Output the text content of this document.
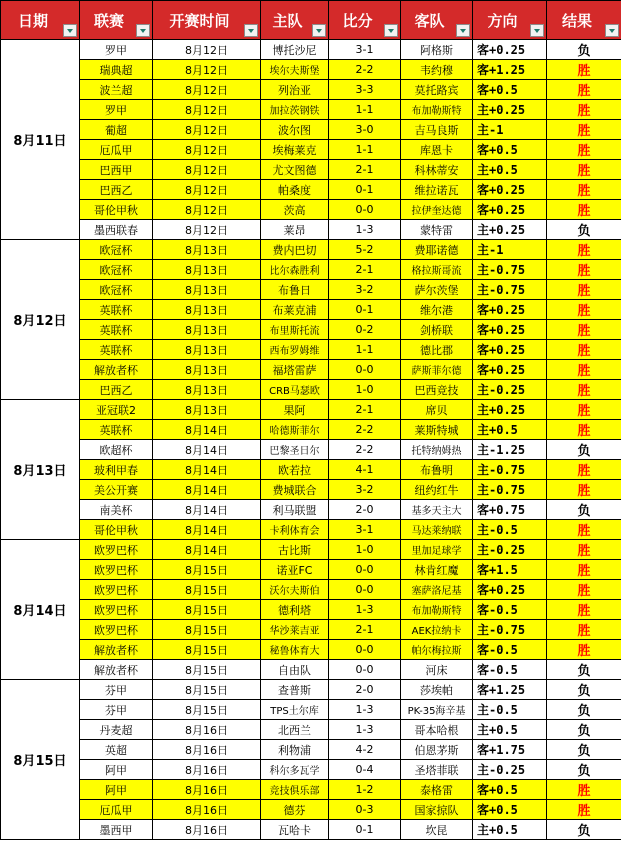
日期	联赛	开赛时间	主队	比分	客队	方向	结果

8月11日	罗甲	8月12日	博托沙尼	3-1	阿格斯	客+0.25	负
	瑞典超	8月12日	埃尔夫斯堡	2-2	韦约穆	客+1.25	胜
	波兰超	8月12日	列治亚	3-3	莫托路宾	客+0.5	胜
	罗甲	8月12日	加拉茨钢铁	1-1	布加勒斯特	主+0.25	胜
	葡超	8月12日	波尔图	3-0	吉马良斯	主-1	胜
	厄瓜甲	8月12日	埃梅莱克	1-1	库恩卡	客+0.5	胜
	巴西甲	8月12日	尤文图德	2-1	科林蒂安	主+0.5	胜
	巴西乙	8月12日	帕桑度	0-1	维拉诺瓦	客+0.25	胜
	哥伦甲秋	8月12日	茨高	0-0	拉伊奎达德	客+0.25	胜
	墨西联春	8月12日	莱昂	1-3	蒙特雷	主+0.25	负
8月12日	欧冠杯	8月13日	费内巴切	5-2	费耶诺德	主-1	胜
	欧冠杯	8月13日	比尔森胜利	2-1	格拉斯哥流	主-0.75	胜
	欧冠杯	8月13日	布鲁日	3-2	萨尔茨堡	主-0.75	胜
	英联杯	8月13日	布莱克浦	0-1	维尔港	客+0.25	胜
	英联杯	8月13日	布里斯托流	0-2	剑桥联	客+0.25	胜
	英联杯	8月13日	西布罗姆维	1-1	德比郡	客+0.25	胜
	解放者杯	8月13日	福塔雷萨	0-0	萨斯菲尔德	客+0.25	胜
	巴西乙	8月13日	CRB马瑟欧	1-0	巴西竞技	主-0.25	胜
8月13日	亚冠联2	8月13日	果阿	2-1	席贝	主+0.25	胜
	英联杯	8月14日	哈德斯菲尔	2-2	莱斯特城	主+0.5	胜
	欧超杯	8月14日	巴黎圣日尔	2-2	托特纳姆热	主-1.25	负
	玻利甲春	8月14日	欧若拉	4-1	布鲁明	主-0.75	胜
	美公开赛	8月14日	费城联合	3-2	纽约红牛	主-0.75	胜
	南美杯	8月14日	利马联盟	2-0	基多天主大	客+0.75	负
	哥伦甲秋	8月14日	卡利体育会	3-1	马达莱纳联	主-0.5	胜
8月14日	欧罗巴杯	8月14日	古比斯	1-0	里加足球学	主-0.25	胜
	欧罗巴杯	8月15日	诺亚FC	0-0	林肯红魔	客+1.5	胜
	欧罗巴杯	8月15日	沃尔夫斯伯	0-0	塞萨洛尼基	客+0.25	胜
	欧罗巴杯	8月15日	德利塔	1-3	布加勒斯特	客-0.5	胜
	欧罗巴杯	8月15日	华沙莱吉亚	2-1	AEK拉纳卡	主-0.75	胜
	解放者杯	8月15日	秘鲁体育大	0-0	帕尔梅拉斯	客-0.5	胜
	解放者杯	8月15日	自由队	0-0	河床	客-0.5	负
8月15日	芬甲	8月15日	查普斯	2-0	莎埃帕	客+1.25	负
	芬甲	8月15日	TPS土尔库	1-3	PK-35海辛基	主-0.5	负
	丹麦超	8月16日	北西兰	1-3	哥本哈根	主+0.5	负
	英超	8月16日	利物浦	4-2	伯恩茅斯	客+1.75	负
	阿甲	8月16日	科尔多瓦学	0-4	圣塔菲联	主-0.25	负
	阿甲	8月16日	竞技俱乐部	1-2	泰格雷	客+0.5	胜
	厄瓜甲	8月16日	德芬	0-3	国家掠队	客+0.5	胜
	墨西甲	8月16日	瓦哈卡	0-1	坎昆	主+0.5	负
